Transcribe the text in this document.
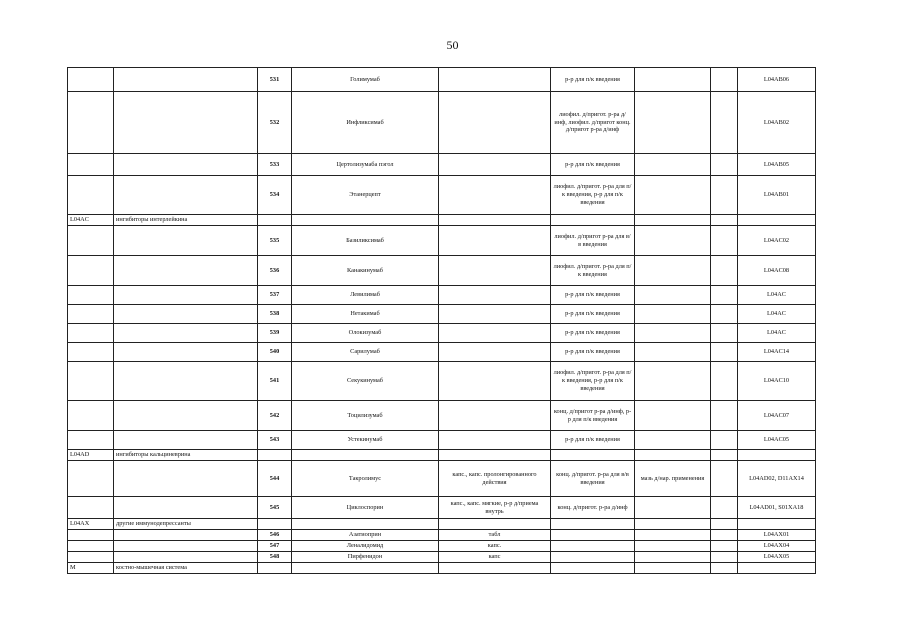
50
		531	Голимумаб		р-р для п/к введения			L04AB06
		532	Инфликсимаб		лиофил. д/пригот. р-ра д/инф, лиофил. д/пригот конц. д/пригот р-ра д/инф			L04AB02
		533	Цертолизумаба пэгол		р-р для п/к введения			L04AB05
		534	Этанерцепт		лиофил. д/пригот. р-ра для п/к введения, р-р для п/к введения			L04AB01
L04AC	ингибиторы интерлейкина							
		535	Базиликсимаб		лиофил. д/пригот р-ра для в/в введения			L04AC02
		536	Канакинумаб		лиофил. д/пригот. р-ра для п/к введения			L04AC08
		537	Левилимаб		р-р для п/к введения			L04AC
		538	Нетакимаб		р-р для п/к введения			L04AC
		539	Олокизумаб		р-р для п/к введения			L04AC
		540	Сарилумаб		р-р для п/к введения			L04AC14
		541	Секукинумаб		лиофил. д/пригот. р-ра для п/к введения, р-р для п/к введения			L04AC10
		542	Тоцилизумаб		конц. д/пригот р-ра д/инф, р-р для п/к введения			L04AC07
		543	Устекинумаб		р-р для п/к введения			L04AC05
L04AD	ингибиторы кальциневрина							
		544	Такролимус	капс., капс. пролонгированного действия	конц. д/пригот. р-ра для в/в введения	мазь д/нар. применения		L04AD02, D11AX14
		545	Циклоспорин	капс., капс. мягкие, р-р д/приема внутрь	конц. д/пригот. р-ра д/инф			L04AD01, S01XA18
L04AX	другие иммунодепрессанты							
		546	Азатиоприн	табл				L04AX01
		547	Леналидомид	капс.				L04AX04
		548	Пирфенидон	капс				L04AX05
M	костно-мышечная система							
